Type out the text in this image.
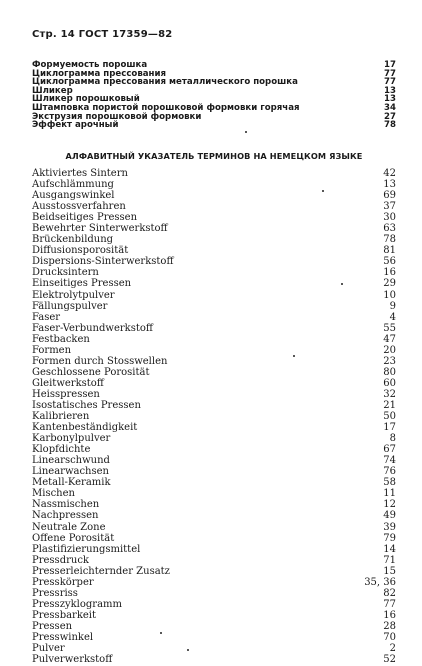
Стр. 14 ГОСТ 17359—82
Формуемость порошка	17
Циклограмма прессования	77
Циклограмма прессования металлического порошка	77
Шликер	13
Шликер порошковый	13
Штамповка пористой порошковой формовки горячая	34
Экструзия порошковой формовки	27
Эффект арочный	78
АЛФАВИТНЫЙ УКАЗАТЕЛЬ ТЕРМИНОВ НА НЕМЕЦКОМ ЯЗЫКЕ
Aktiviertes Sintern	42
Aufschlämmung	13
Ausgangswinkel	69
Ausstossverfahren	37
Beidseitiges Pressen	30
Bewehrter Sinterwerkstoff	63
Brückenbildung	78
Diffusionsporosität	81
Dispersions-Sinterwerkstoff	56
Drucksintern	16
Einseitiges Pressen	29
Elektrolytpulver	10
Fällungspulver	9
Faser	4
Faser-Verbundwerkstoff	55
Festbacken	47
Formen	20
Formen durch Stosswellen	23
Geschlossene Porosität	80
Gleitwerkstoff	60
Heisspressen	32
Isostatisches Pressen	21
Kalibrieren	50
Kantenbeständigkeit	17
Karbonylpulver	8
Klopfdichte	67
Linearschwund	74
Linearwachsen	76
Metall-Keramik	58
Mischen	11
Nassmischen	12
Nachpressen	49
Neutrale Zone	39
Offene Porosität	79
Plastifizierungsmittel	14
Pressdruck	71
Presserleichternder Zusatz	15
Presskörper	35, 36
Pressriss	82
Presszyklogramm	77
Pressbarkeit	16
Pressen	28
Presswinkel	70
Pulver	2
Pulverwerkstoff	52
